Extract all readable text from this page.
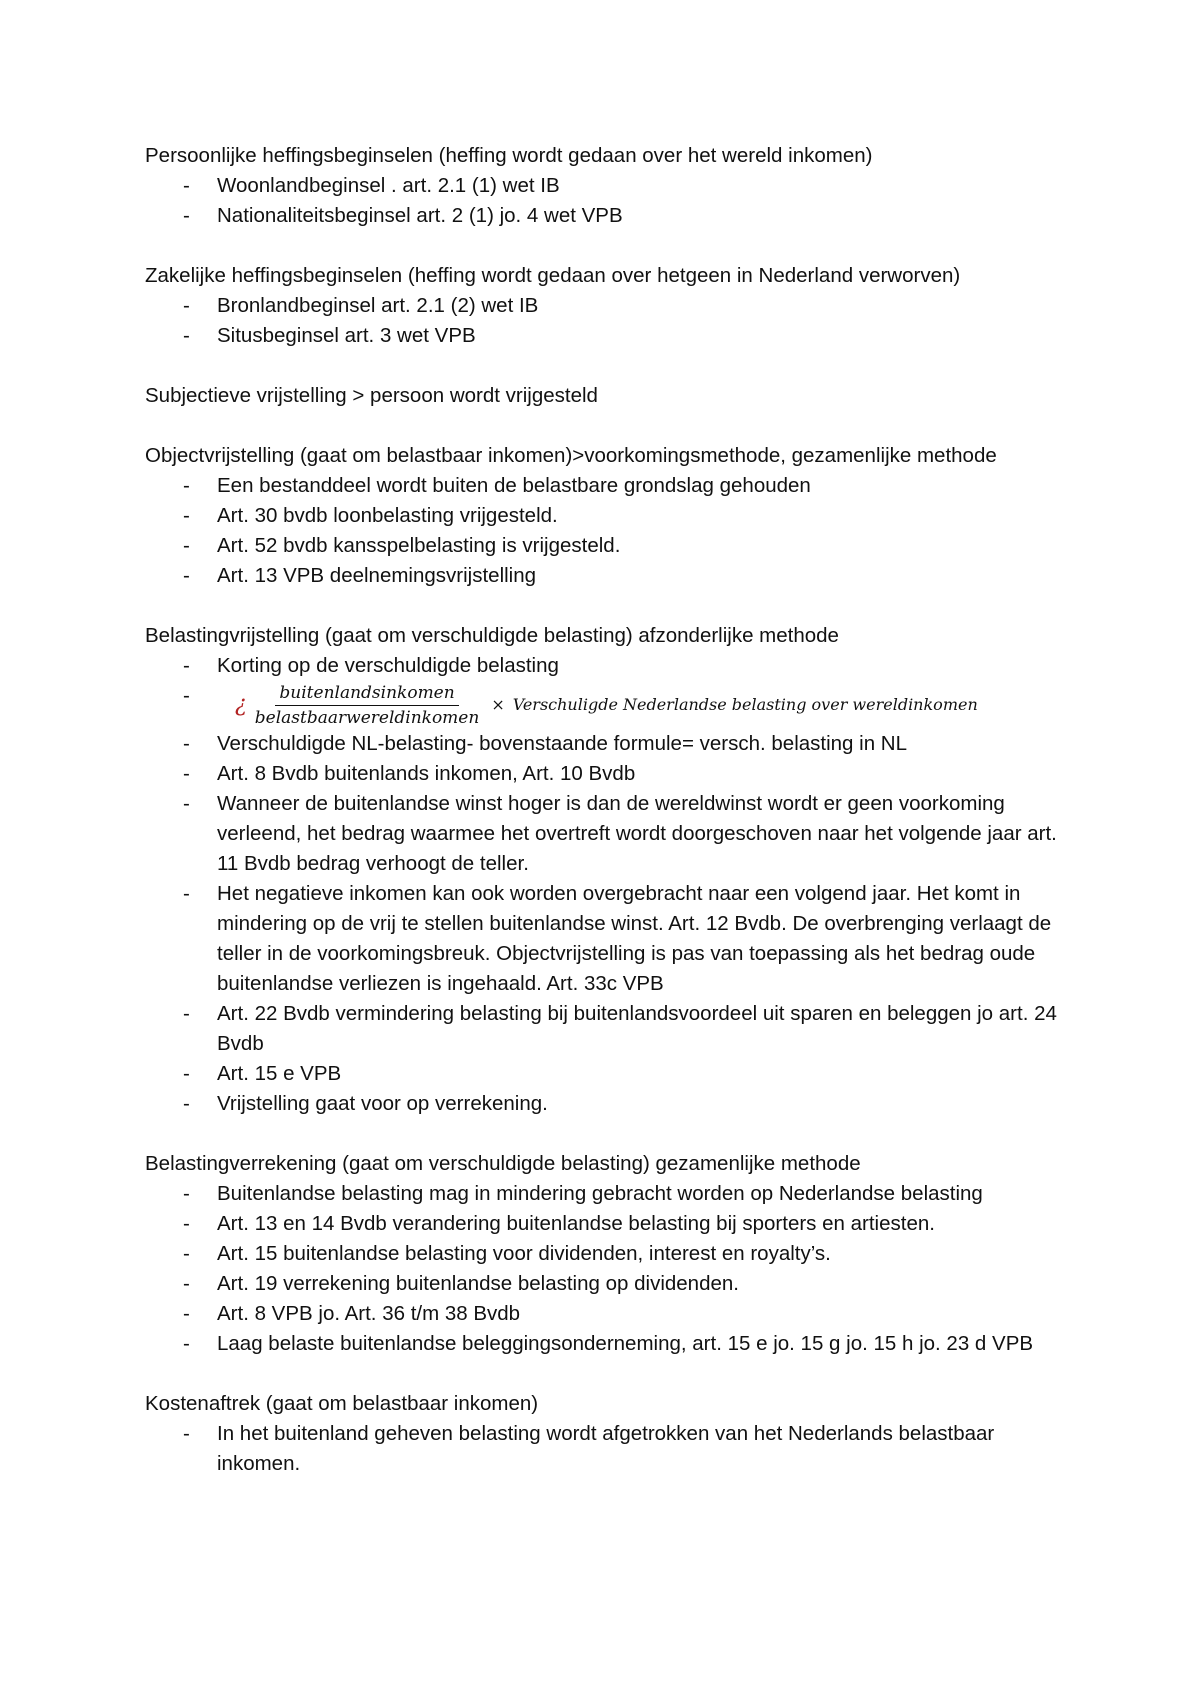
Persoonlijke heffingsbeginselen (heffing wordt gedaan over het wereld inkomen)

- Woonlandbeginsel . art. 2.1 (1) wet IB
- Nationaliteitsbeginsel art. 2 (1) jo. 4 wet VPB

Zakelijke heffingsbeginselen (heffing wordt gedaan over hetgeen in Nederland verworven)

- Bronlandbeginsel art. 2.1 (2) wet IB
- Situsbeginsel art. 3 wet VPB

Subjectieve vrijstelling > persoon wordt vrijgesteld

Objectvrijstelling (gaat om belastbaar inkomen)>voorkomingsmethode, gezamenlijke methode

- Een bestanddeel wordt buiten de belastbare grondslag gehouden
- Art. 30 bvdb loonbelasting vrijgesteld.
- Art. 52 bvdb kansspelbelasting is vrijgesteld.
- Art. 13 VPB deelnemingsvrijstelling

Belastingvrijstelling (gaat om verschuldigde belasting) afzonderlijke methode

- Korting op de verschuldigde belasting
- ¿ $\frac{\text{buitenlandsinkomen}}{\text{belastbaarwereldinkomen}}$ × Verschuligde Nederlandse belasting over wereldinkomen
- Verschuldigde NL-belasting- bovenstaande formule= versch. belasting in NL
- Art. 8 Bvdb buitenlands inkomen, Art. 10 Bvdb
- Wanneer de buitenlandse winst hoger is dan de wereldwinst wordt er geen voorkoming verleend, het bedrag waarmee het overtreft wordt doorgeschoven naar het volgende jaar art. 11 Bvdb bedrag verhoogt de teller.
- Het negatieve inkomen kan ook worden overgebracht naar een volgend jaar. Het komt in mindering op de vrij te stellen buitenlandse winst. Art. 12 Bvdb. De overbrenging verlaagt de teller in de voorkomingsbreuk. Objectvrijstelling is pas van toepassing als het bedrag oude buitenlandse verliezen is ingehaald. Art. 33c VPB
- Art. 22 Bvdb vermindering belasting bij buitenlandsvoordeel uit sparen en beleggen jo art. 24 Bvdb
- Art. 15 e VPB
- Vrijstelling gaat voor op verrekening.

Belastingverrekening (gaat om verschuldigde belasting) gezamenlijke methode

- Buitenlandse belasting mag in mindering gebracht worden op Nederlandse belasting
- Art. 13 en 14 Bvdb verandering buitenlandse belasting bij sporters en artiesten.
- Art. 15 buitenlandse belasting voor dividenden, interest en royalty’s.
- Art. 19 verrekening buitenlandse belasting op dividenden.
- Art. 8 VPB jo. Art. 36 t/m 38 Bvdb
- Laag belaste buitenlandse beleggingsonderneming, art. 15 e jo. 15 g jo. 15 h jo. 23 d VPB

Kostenaftrek (gaat om belastbaar inkomen)

- In het buitenland geheven belasting wordt afgetrokken van het Nederlands belastbaar inkomen.
